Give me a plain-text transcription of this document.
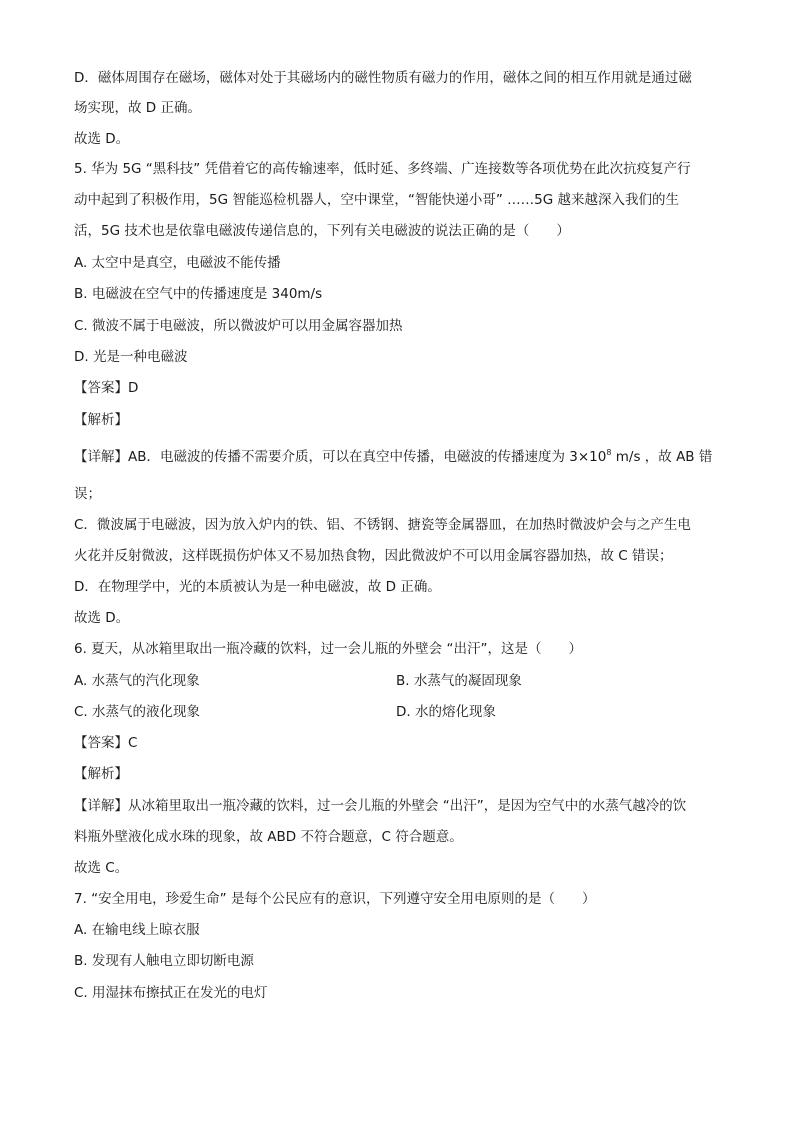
D．磁体周围存在磁场，磁体对处于其磁场内的磁性物质有磁力的作用，磁体之间的相互作用就是通过磁
场实现，故 D 正确。
故选 D。
5. 华为 5G “黑科技” 凭借着它的高传输速率，低时延、多终端、广连接数等各项优势在此次抗疫复产行
动中起到了积极作用，5G 智能巡检机器人，空中课堂，“智能快递小哥” ……5G 越来越深入我们的生
活，5G 技术也是依靠电磁波传递信息的，下列有关电磁波的说法正确的是（　　）
A. 太空中是真空，电磁波不能传播
B. 电磁波在空气中的传播速度是 340m/s
C. 微波不属于电磁波，所以微波炉可以用金属容器加热
D. 光是一种电磁波
【答案】D
【解析】
【详解】AB．电磁波的传播不需要介质，可以在真空中传播，电磁波的传播速度为 $3\times 10^8$ m/s ，故 AB 错
误；
C．微波属于电磁波，因为放入炉内的铁、铝、不锈钢、搪瓷等金属器皿，在加热时微波炉会与之产生电
火花并反射微波，这样既损伤炉体又不易加热食物，因此微波炉不可以用金属容器加热，故 C 错误；
D．在物理学中，光的本质被认为是一种电磁波，故 D 正确。
故选 D。
6. 夏天，从冰箱里取出一瓶冷藏的饮料，过一会儿瓶的外壁会 “出汗”，这是（　　）
A. 水蒸气的汽化现象	B. 水蒸气的凝固现象
C. 水蒸气的液化现象	D. 水的熔化现象
【答案】C
【解析】
【详解】从冰箱里取出一瓶冷藏的饮料，过一会儿瓶的外壁会 “出汗”，是因为空气中的水蒸气越冷的饮
料瓶外壁液化成水珠的现象，故 ABD 不符合题意，C 符合题意。
故选 C。
7. “安全用电，珍爱生命” 是每个公民应有的意识，下列遵守安全用电原则的是（　　）
A. 在输电线上晾衣服
B. 发现有人触电立即切断电源
C. 用湿抹布擦拭正在发光的电灯
